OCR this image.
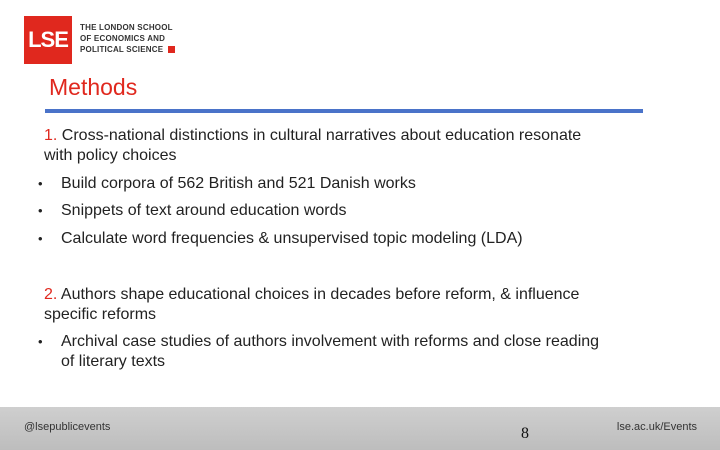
LSE	THE LONDON SCHOOL
OF ECONOMICS AND
POLITICAL SCIENCE
Methods
1. Cross-national distinctions in cultural narratives about education resonate with policy choices
•	Build corpora of 562 British and 521 Danish works
•	Snippets of text around education words
•	Calculate word frequencies & unsupervised topic modeling (LDA)
2. Authors shape educational choices in decades before reform, & influence specific reforms
•	Archival case studies of authors involvement with reforms and close reading of literary texts
@lsepublicevents	lse.ac.uk/Events
8
